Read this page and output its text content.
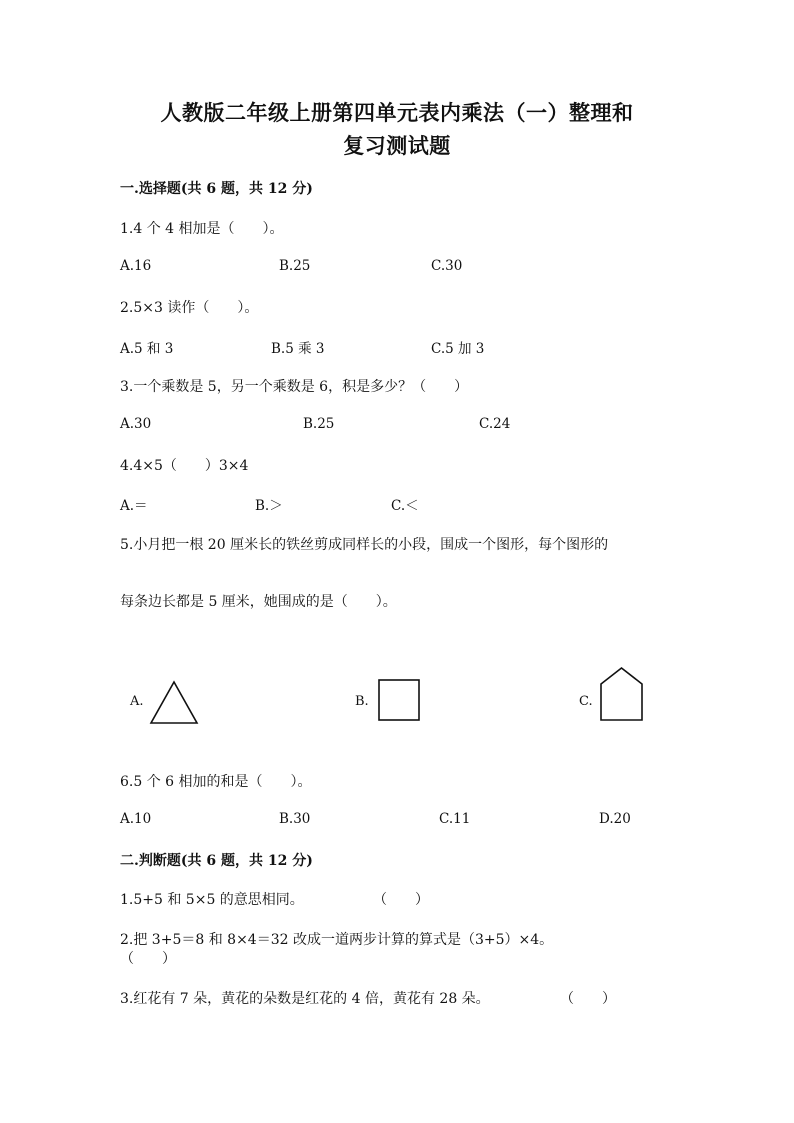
人教版二年级上册第四单元表内乘法（一）整理和
复习测试题
一.选择题(共 6 题，共 12 分)
1.4 个 4 相加是（　　）。
A.16	B.25	C.30
2.5×3 读作（　　）。
A.5 和 3	B.5 乘 3	C.5 加 3
3.一个乘数是 5，另一个乘数是 6，积是多少？（　　）
A.30	B.25	C.24
4.4×5（　　）3×4
A.＝	B.＞	C.＜
5.小月把一根 20 厘米长的铁丝剪成同样长的小段，围成一个图形，每个图形的
每条边长都是 5 厘米，她围成的是（　　）。
A.	B.	C.
6.5 个 6 相加的和是（　　）。
A.10	B.30	C.11	D.20
二.判断题(共 6 题，共 12 分)
1.5+5 和 5×5 的意思相同。	（　　）
2.把 3+5＝8 和 8×4＝32 改成一道两步计算的算式是（3+5）×4。
（　　）
3.红花有 7 朵，黄花的朵数是红花的 4 倍，黄花有 28 朵。	（　　）
